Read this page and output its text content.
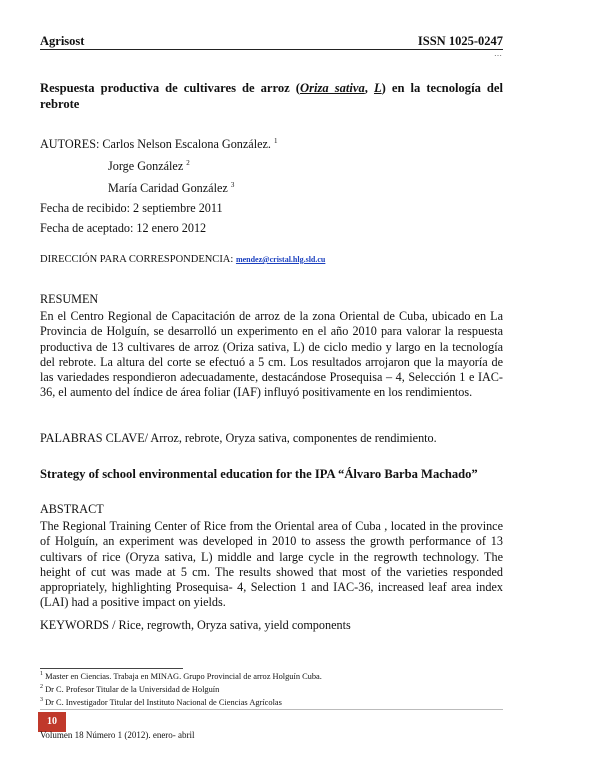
Agrisost	ISSN 1025-0247
…
Respuesta productiva de cultivares de arroz (Oriza sativa, L) en la tecnología del rebrote
AUTORES: Carlos Nelson Escalona González. $^1$
Jorge González $^2$
María Caridad González $^3$
Fecha de recibido: 2 septiembre 2011
Fecha de aceptado: 12 enero 2012
DIRECCIÓN PARA CORRESPONDENCIA: mendez@cristal.hlg.sld.cu
RESUMEN
En el Centro Regional de Capacitación de arroz de la zona Oriental de Cuba, ubicado en La Provincia de Holguín, se desarrolló un experimento en el año 2010 para valorar la respuesta productiva de 13 cultivares de arroz (Oriza sativa, L) de ciclo medio y largo en la tecnología del rebrote. La altura del corte se efectuó a 5 cm. Los resultados arrojaron que la mayoría de las variedades respondieron adecuadamente, destacándose Prosequisa – 4, Selección 1 e IAC-36, el aumento del índice de área foliar (IAF) influyó positivamente en los rendimientos.
PALABRAS CLAVE/ Arroz, rebrote, Oryza sativa, componentes de rendimiento.
Strategy of school environmental education for the IPA “Álvaro Barba Machado”
ABSTRACT
The Regional Training Center of Rice from the Oriental area of Cuba , located in the province of Holguín, an experiment was developed in 2010 to assess the growth performance of 13 cultivars of rice (Oryza sativa, L) middle and large cycle in the regrowth technology. The height of cut was made at 5 cm. The results showed that most of the varieties responded appropriately, highlighting Prosequisa- 4, Selection 1 and IAC-36, increased leaf area index (LAI) had a positive impact on yields.
KEYWORDS / Rice, regrowth, Oryza sativa, yield components
$^1$ Master en Ciencias. Trabaja en MINAG. Grupo Provincial de arroz Holguín Cuba.
$^2$ Dr C. Profesor Titular de la Universidad de Holguín
$^3$ Dr C. Investigador Titular del Instituto Nacional de Ciencias Agrícolas
10
Volumen 18 Número 1 (2012). enero- abril
